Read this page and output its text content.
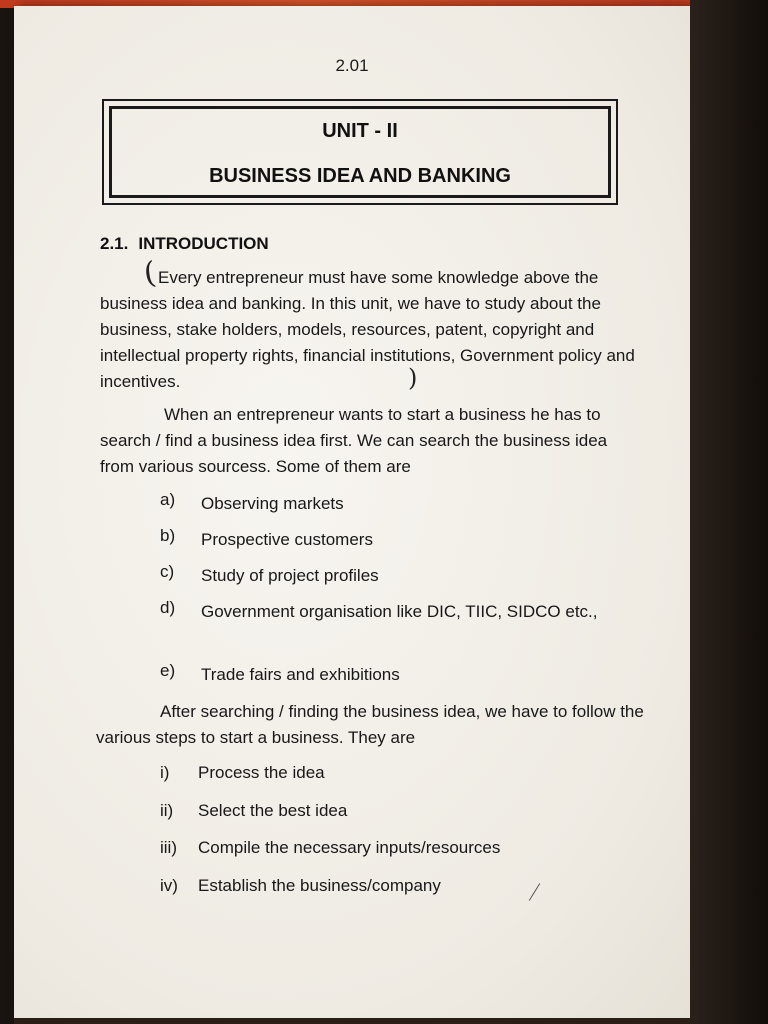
2.01
UNIT - II
BUSINESS IDEA AND BANKING
2.1. INTRODUCTION
( Every entrepreneur must have some knowledge above the business idea and banking. In this unit, we have to study about the business, stake holders, models, resources, patent, copyright and intellectual property rights, financial institutions, Government policy and incentives.	)

When an entrepreneur wants to start a business he has to search / find a business idea first. We can search the business idea from various sourcess. Some of them are

a)	Observing markets
b)	Prospective customers
c)	Study of project profiles
d)	Government organisation like DIC, TIIC, SIDCO etc.,
e)	Trade fairs and exhibitions

After searching / finding the business idea, we have to follow the various steps to start a business. They are

i)	Process the idea
ii)	Select the best idea
iii)	Compile the necessary inputs/resources
iv)	Establish the business/company
